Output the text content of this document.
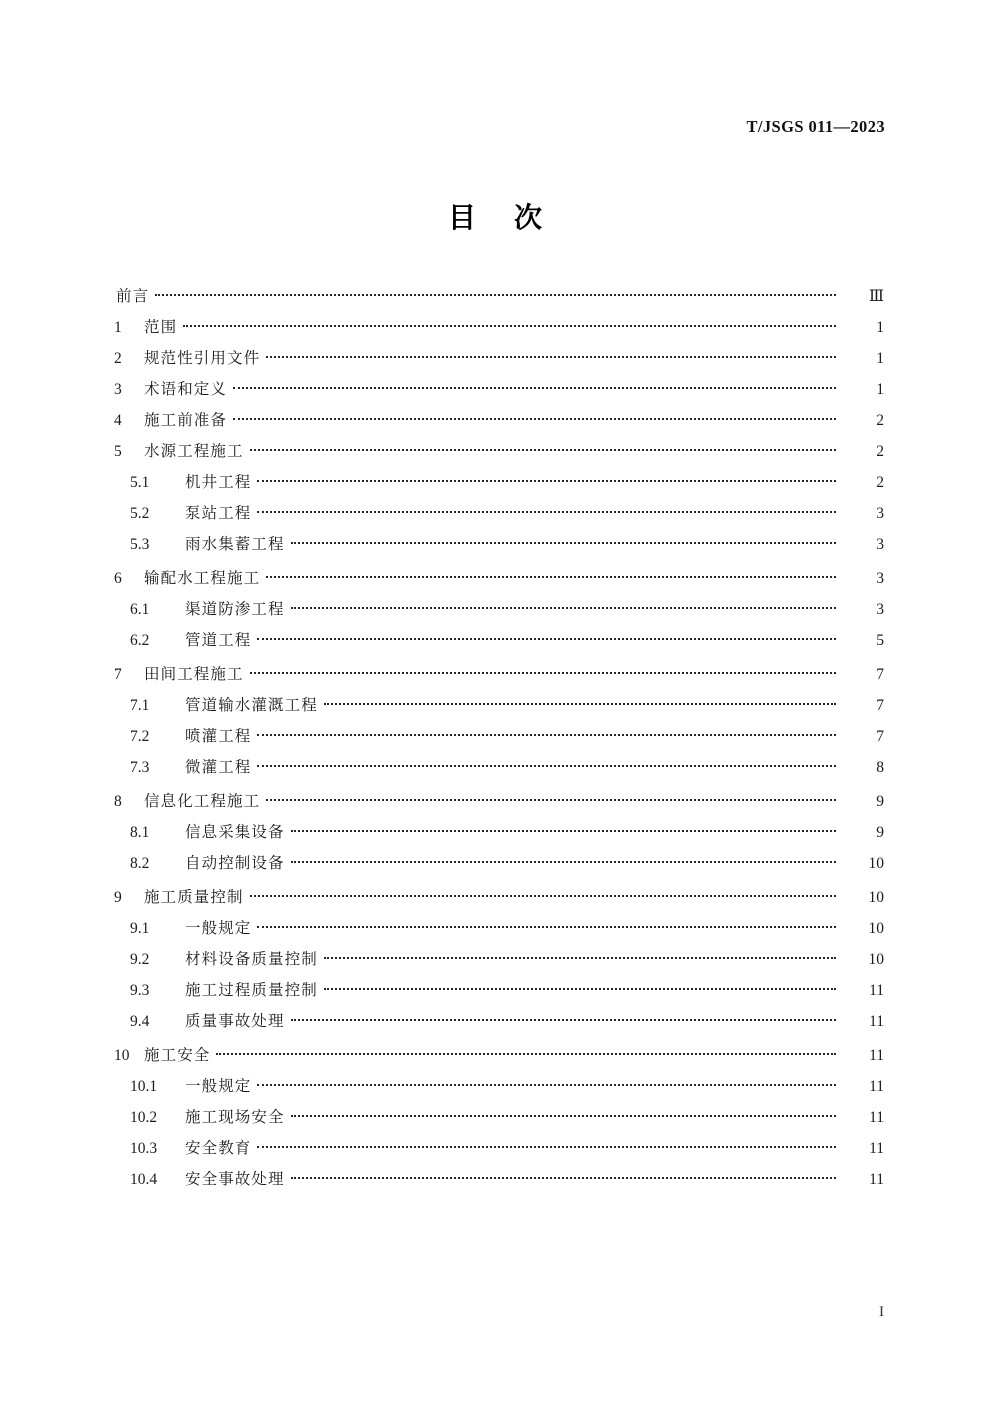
T/JSGS 011—2023
目 次
前言	Ⅲ
1	范围	1
2	规范性引用文件	1
3	术语和定义	1
4	施工前准备	2
5	水源工程施工	2
5.1	机井工程	2
5.2	泵站工程	3
5.3	雨水集蓄工程	3
6	输配水工程施工	3
6.1	渠道防渗工程	3
6.2	管道工程	5
7	田间工程施工	7
7.1	管道输水灌溉工程	7
7.2	喷灌工程	7
7.3	微灌工程	8
8	信息化工程施工	9
8.1	信息采集设备	9
8.2	自动控制设备	10
9	施工质量控制	10
9.1	一般规定	10
9.2	材料设备质量控制	10
9.3	施工过程质量控制	11
9.4	质量事故处理	11
10 施工安全	11
10.1	一般规定	11
10.2	施工现场安全	11
10.3	安全教育	11
10.4	安全事故处理	11
I
